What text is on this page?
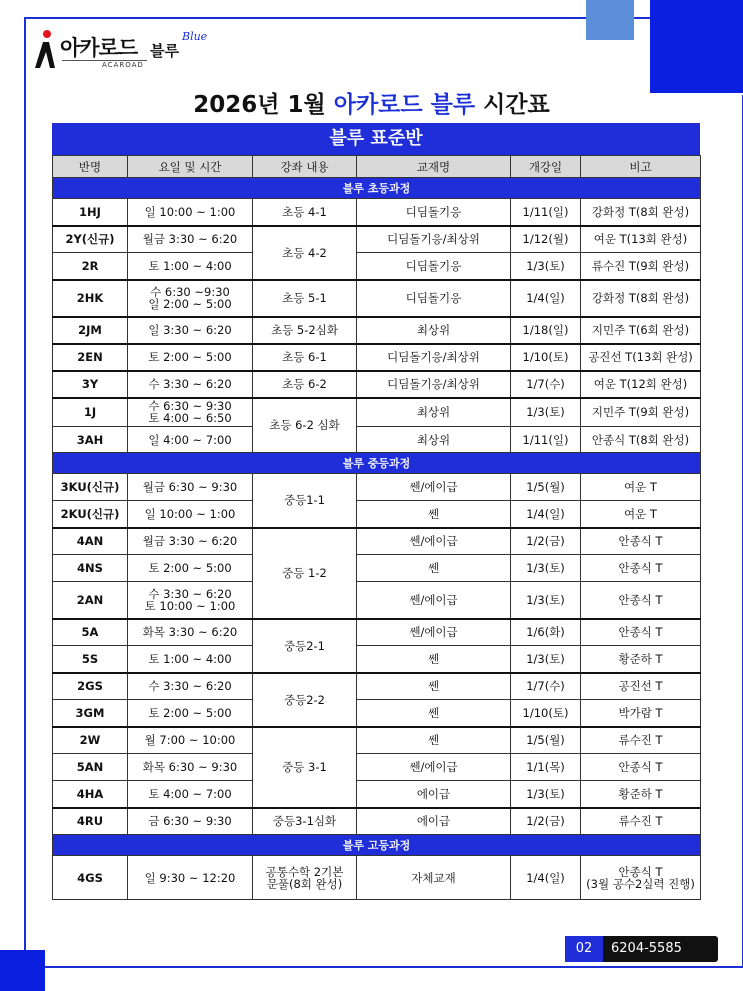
아카로드 블루
Blue
ACAROAD
2026년 1월 아카로드 블루 시간표
블루 표준반
반명	요일 및 시간	강좌 내용	교재명	개강일	비고
블루 초등과정					
1HJ	일 10:00 ~ 1:00	초등 4-1	디딤돌기응	1/11(일)	강화정 T(8회 완성)
2Y(신규)	월금 3:30 ~ 6:20	초등 4-2	디딤돌기응/최상위	1/12(월)	여운 T(13회 완성)
2R	토 1:00 ~ 4:00		디딤돌기응	1/3(토)	류수진 T(9회 완성)
2HK	수 6:30 ~9:30
일 2:00 ~ 5:00	초등 5-1	디딤돌기응	1/4(일)	강화정 T(8회 완성)
2JM	일 3:30 ~ 6:20	초등 5-2심화	최상위	1/18(일)	지민주 T(6회 완성)
2EN	토 2:00 ~ 5:00	초등 6-1	디딤돌기응/최상위	1/10(토)	공진선 T(13회 완성)
3Y	수 3:30 ~ 6:20	초등 6-2	디딤돌기응/최상위	1/7(수)	여운 T(12회 완성)
1J	수 6:30 ~ 9:30
토 4:00 ~ 6:50	초등 6-2 심화	최상위	1/3(토)	지민주 T(9회 완성)
3AH	일 4:00 ~ 7:00		최상위	1/11(일)	안종식 T(8회 완성)
블루 중등과정					
3KU(신규)	월금 6:30 ~ 9:30	중등1-1	쎈/에이급	1/5(월)	여운 T
2KU(신규)	일 10:00 ~ 1:00		쎈	1/4(일)	여운 T
4AN	월금 3:30 ~ 6:20	중등 1-2	쎈/에이급	1/2(금)	안종식 T
4NS	토 2:00 ~ 5:00		쎈	1/3(토)	안종식 T
2AN	수 3:30 ~ 6:20
토 10:00 ~ 1:00		쎈/에이급	1/3(토)	안종식 T
5A	화목 3:30 ~ 6:20	중등2-1	쎈/에이급	1/6(화)	안종식 T
5S	토 1:00 ~ 4:00		쎈	1/3(토)	황준하 T
2GS	수 3:30 ~ 6:20	중등2-2	쎈	1/7(수)	공진선 T
3GM	토 2:00 ~ 5:00		쎈	1/10(토)	박가람 T
2W	월 7:00 ~ 10:00	중등 3-1	쎈	1/5(월)	류수진 T
5AN	화목 6:30 ~ 9:30		쎈/에이급	1/1(목)	안종식 T
4HA	토 4:00 ~ 7:00		에이급	1/3(토)	황준하 T
4RU	금 6:30 ~ 9:30	중등3-1심화	에이급	1/2(금)	류수진 T
블루 고등과정					
4GS	일 9:30 ~ 12:20	공통수학 2기본
문풀(8회 완성)	자체교재	1/4(일)	안종식 T
(3월 공수2실력 진행)
02 6204-5585
